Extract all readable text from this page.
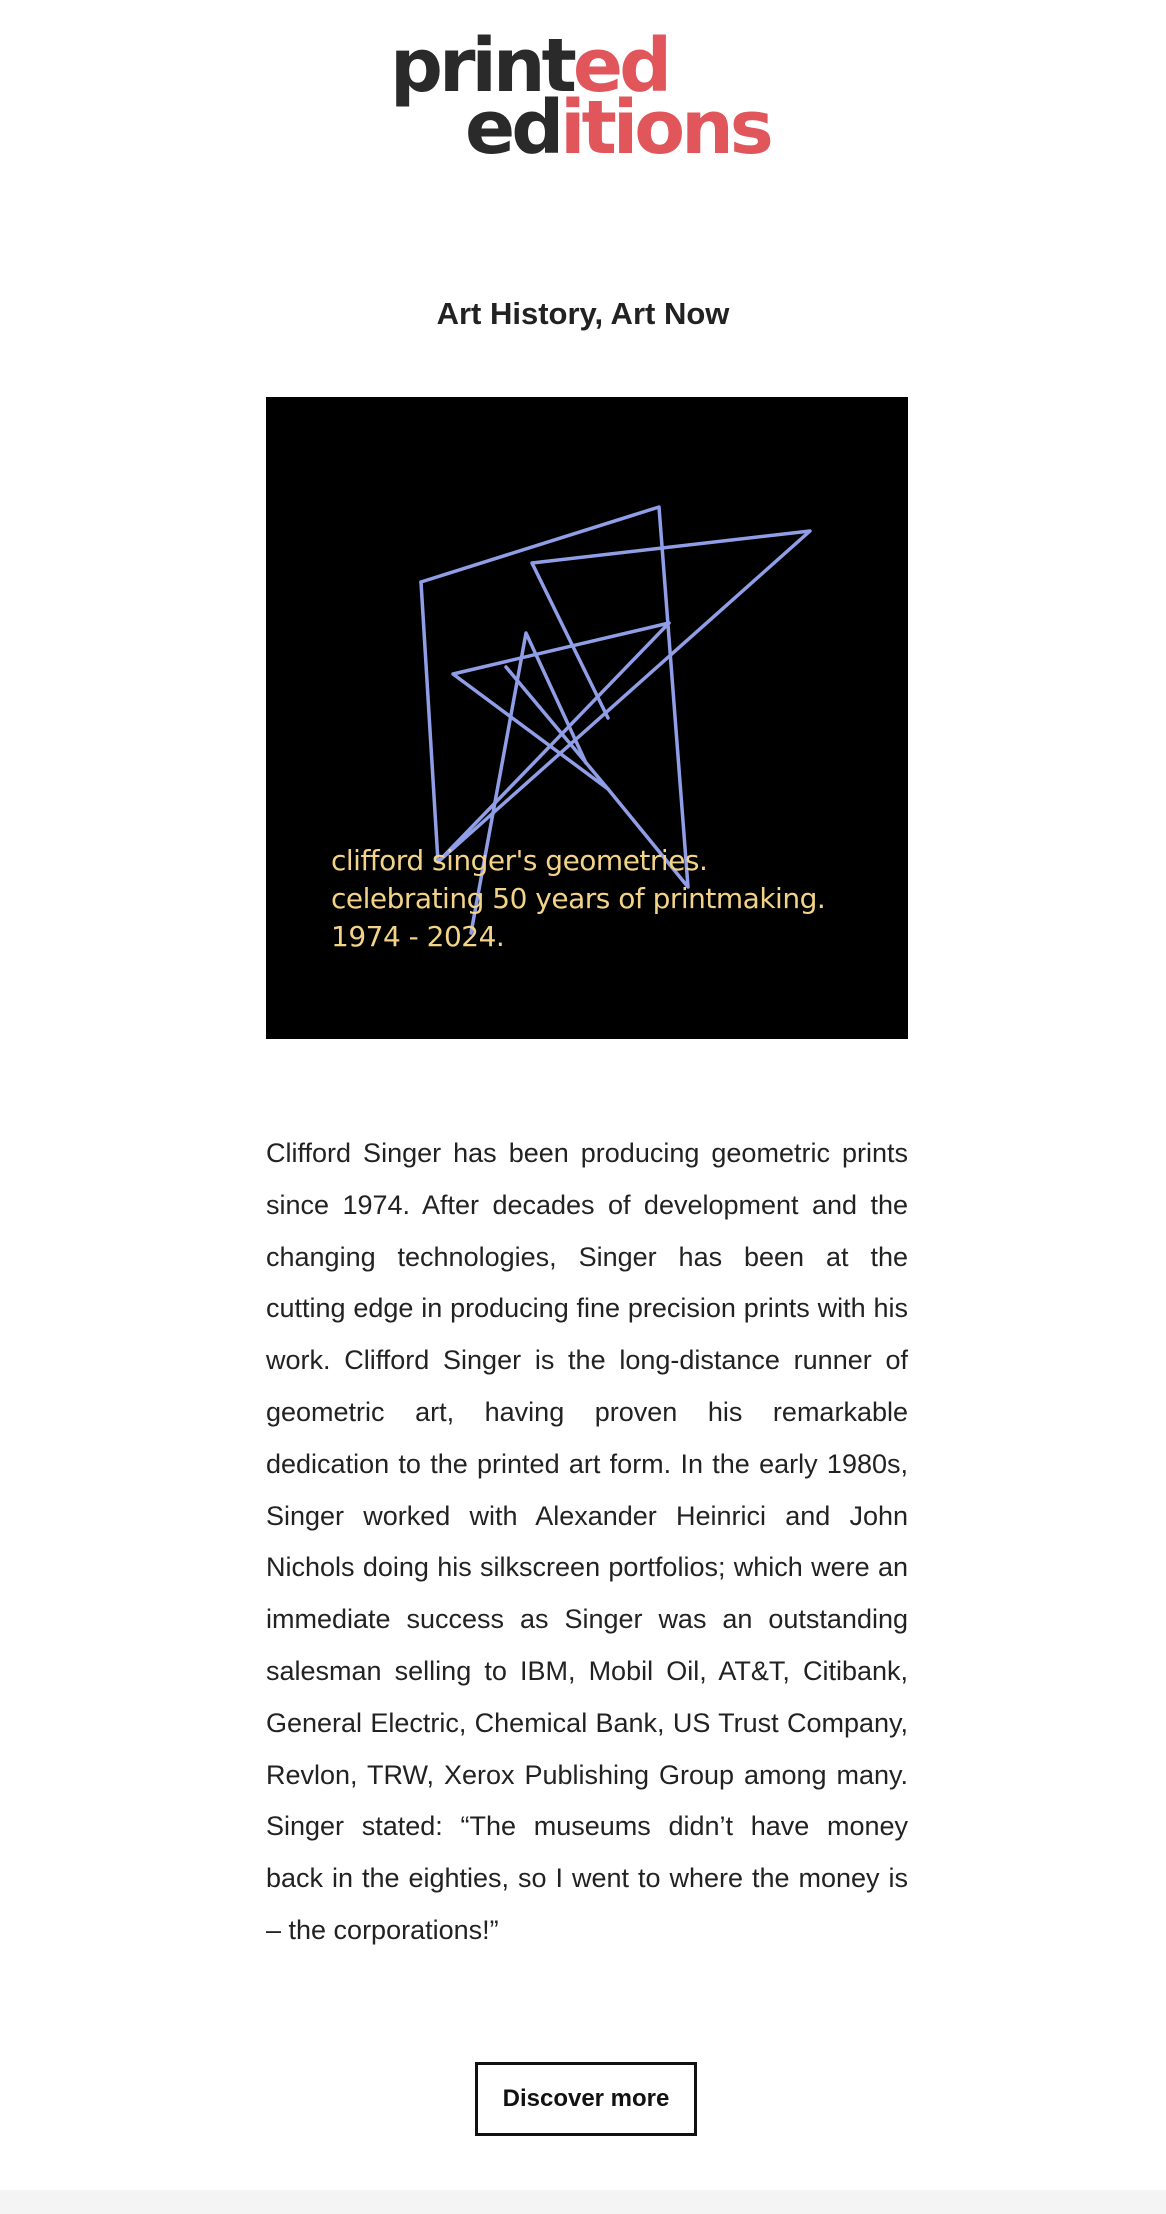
printed
editions
Art History, Art Now
clifford singer's geometries.
celebrating 50 years of printmaking.
1974 - 2024.

Clifford Singer has been producing geometric prints since 1974. After decades of development and the changing technologies, Singer has been at the cutting edge in producing fine precision prints with his work. Clifford Singer is the long-distance runner of geometric art, having proven his remarkable dedication to the printed art form. In the early 1980s, Singer worked with Alexander Heinrici and John Nichols doing his silkscreen portfolios; which were an immediate success as Singer was an outstanding salesman selling to IBM, Mobil Oil, AT&T, Citibank, General Electric, Chemical Bank, US Trust Company, Revlon, TRW, Xerox Publishing Group among many. Singer stated: “The museums didn’t have money back in the eighties, so I went to where the money is – the corporations!”

Discover more
